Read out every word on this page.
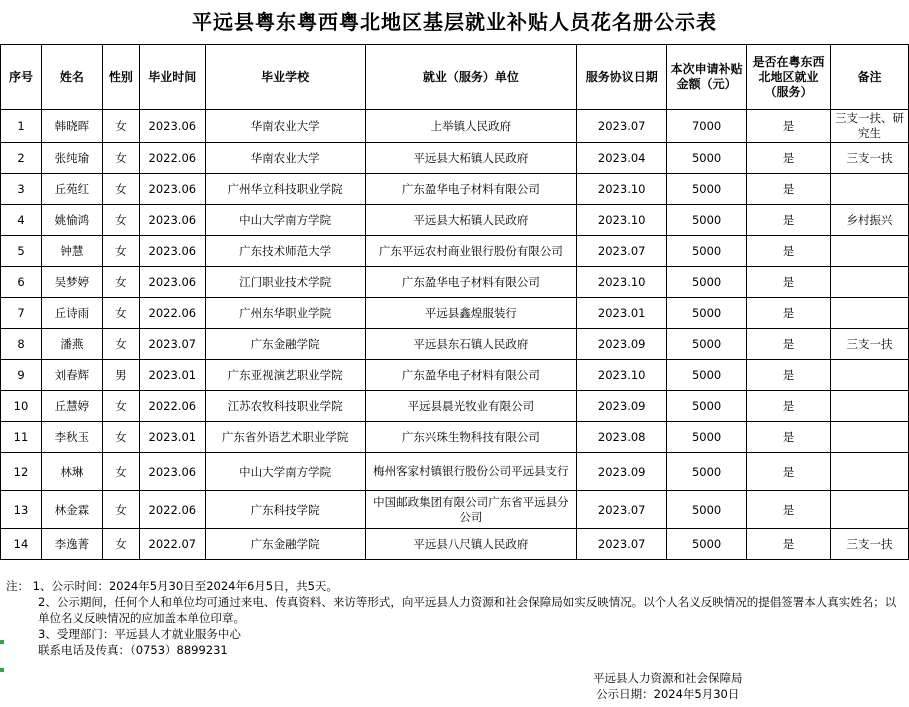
平远县粤东粤西粤北地区基层就业补贴人员花名册公示表
序号	姓名	性别	毕业时间	毕业学校	就业（服务）单位	服务协议日期	本次申请补贴金额（元）	是否在粤东西北地区就业（服务）	备注
1	韩晓晖	女	2023.06	华南农业大学	上举镇人民政府	2023.07	7000	是	三支一扶、研究生
2	张纯瑜	女	2022.06	华南农业大学	平远县大柘镇人民政府	2023.04	5000	是	三支一扶
3	丘苑红	女	2023.06	广州华立科技职业学院	广东盈华电子材料有限公司	2023.10	5000	是	
4	姚愉鸿	女	2023.06	中山大学南方学院	平远县大柘镇人民政府	2023.10	5000	是	乡村振兴
5	钟慧	女	2023.06	广东技术师范大学	广东平远农村商业银行股份有限公司	2023.07	5000	是	
6	吴梦婷	女	2023.06	江门职业技术学院	广东盈华电子材料有限公司	2023.10	5000	是	
7	丘诗雨	女	2022.06	广州东华职业学院	平远县鑫煌服装行	2023.01	5000	是	
8	潘燕	女	2023.07	广东金融学院	平远县东石镇人民政府	2023.09	5000	是	三支一扶
9	刘春辉	男	2023.01	广东亚视演艺职业学院	广东盈华电子材料有限公司	2023.10	5000	是	
10	丘慧婷	女	2022.06	江苏农牧科技职业学院	平远县晨光牧业有限公司	2023.09	5000	是	
11	李秋玉	女	2023.01	广东省外语艺术职业学院	广东兴珠生物科技有限公司	2023.08	5000	是	
12	林琳	女	2023.06	中山大学南方学院	梅州客家村镇银行股份公司平远县支行	2023.09	5000	是	
13	林金霖	女	2022.06	广东科技学院	中国邮政集团有限公司广东省平远县分公司	2023.07	5000	是	
14	李逸菁	女	2022.07	广东金融学院	平远县八尺镇人民政府	2023.07	5000	是	三支一扶
注： 1、公示时间：2024年5月30日至2024年6月5日，共5天。
2、公示期间，任何个人和单位均可通过来电、传真资料、来访等形式，向平远县人力资源和社会保障局如实反映情况。以个人名义反映情况的提倡签署本人真实姓名；以单位名义反映情况的应加盖本单位印章。
3、受理部门：平远县人才就业服务中心
联系电话及传真：（0753）8899231
平远县人力资源和社会保障局
公示日期：2024年5月30日
